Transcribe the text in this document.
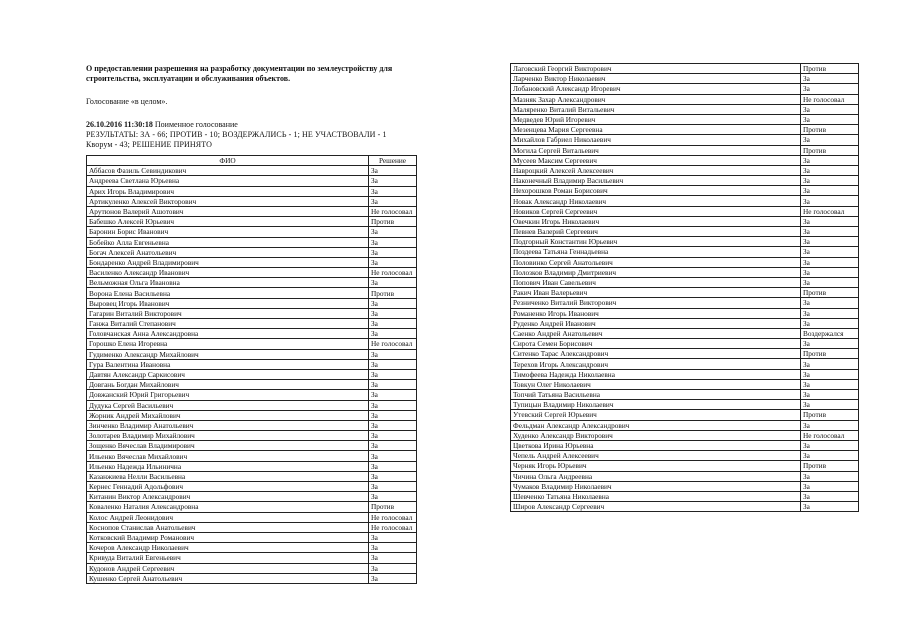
О предоставлении разрешения на разработку документации по землеустройству для строительства, эксплуатации и обслуживания объектов.

Голосование «в целом».

26.10.2016 11:30:18 Поименное голосование

РЕЗУЛЬТАТЫ: ЗА - 66; ПРОТИВ - 10; ВОЗДЕРЖАЛИСЬ - 1; НЕ УЧАСТВОВАЛИ - 1

Кворум - 43; РЕШЕНИЕ ПРИНЯТО

ФИО	Решение
Аббасов Фазиль Севиндикович	За
Андреева Светлана Юрьевна	За
Арих Игорь Владимирович	За
Артикуленко Алексей Викторович	За
Арутюнов Валерий Ашотович	Не голосовал
Бабешко Алексей Юрьевич	Против
Баронин Борис Иванович	За
Бобейко Алла Евгеньевна	За
Богач Алексей Анатольевич	За
Бондаренко Андрей Владимирович	За
Василенко Александр Иванович	Не голосовал
Вельможная Ольга Ивановна	За
Ворона Елена Васильевна	Против
Выровец Игорь Иванович	За
Гагарин Виталий Викторович	За
Ганжа Виталий Степанович	За
Головчанская Анна Александровна	За
Горошко Елена Игоревна	Не голосовал
Гудименко Александр Михайлович	За
Гура Валентина Ивановна	За
Давтян Александр Саркисович	За
Довгань Богдан Михайлович	За
Довжанский Юрий Григорьевич	За
Дудука Сергей Васильевич	За
Жорник Андрей Михайлович	За
Зинченко Владимир Анатольевич	За
Золотарев Владимир Михайлович	За
Зощенко Вячеслав Владимирович	За
Ильенко Вячеслав Михайлович	За
Ильенко Надежда Ильинична	За
Казанжиева Нелли Васильевна	За
Кернес Геннадий Адольфович	За
Китанин Виктор Александрович	За
Коваленко Наталия Александровна	Против
Колос Андрей Леонидович	Не голосовал
Коснопов Станислав Анатольевич	Не голосовал
Котковский Владимир Романович	За
Кочеров Александр Николаевич	За
Кривуда Виталий Евгеньевич	За
Кудонов Андрей Сергеевич	За
Кушенко Сергей Анатольевич	За
Лаговский Георгий Викторович	Против
Ларченко Виктор Николаевич	За
Лобановский Александр Игоревич	За
Мазняк Захар Александрович	Не голосовал
Маляренко Виталий Витальевич	За
Медведев Юрий Игоревич	За
Мезенцева Мария Сергеевна	Против
Михайлов Габриел Николаевич	За
Могила Сергей Витальевич	Против
Мусеев Максим Сергеевич	За
Навроцкий Алексей Алексеевич	За
Наконечный Владимир Васильевич	За
Нехорошков Роман Борисович	За
Новак Александр Николаевич	За
Новиков Сергей Сергеевич	Не голосовал
Овечкин Игорь Николаевич	За
Певнев Валерий Сергеевич	За
Подгорный Константин Юрьевич	За
Поздеева Татьяна Геннадьевна	За
Половинко Сергей Анатольевич	За
Полозков Владимир Дмитриевич	За
Попович Иван Савельевич	За
Ракич Иван Валерьевич	Против
Резниченко Виталий Викторович	За
Романенко Игорь Иванович	За
Руденко Андрей Иванович	За
Саенко Андрей Анатольевич	Воздержался
Сирота Семен Борисович	За
Ситенко Тарас Александрович	Против
Терехов Игорь Александрович	За
Тимофеева Надежда Николаевна	За
Товкун Олег Николаевич	За
Топчий Татьяна Васильевна	За
Тупицын Владимир Николаевич	За
Утевский Сергей Юрьевич	Против
Фельдман Александр Александрович	За
Худенко Александр Викторович	Не голосовал
Цветкова Ирина Юрьевна	За
Чепель Андрей Алексеевич	За
Черняк Игорь Юрьевич	Против
Чичина Ольга Андреевна	За
Чумаков Владимир Николаевич	За
Шевченко Татьяна Николаевна	За
Шиpов Александр Сергеевич	За
